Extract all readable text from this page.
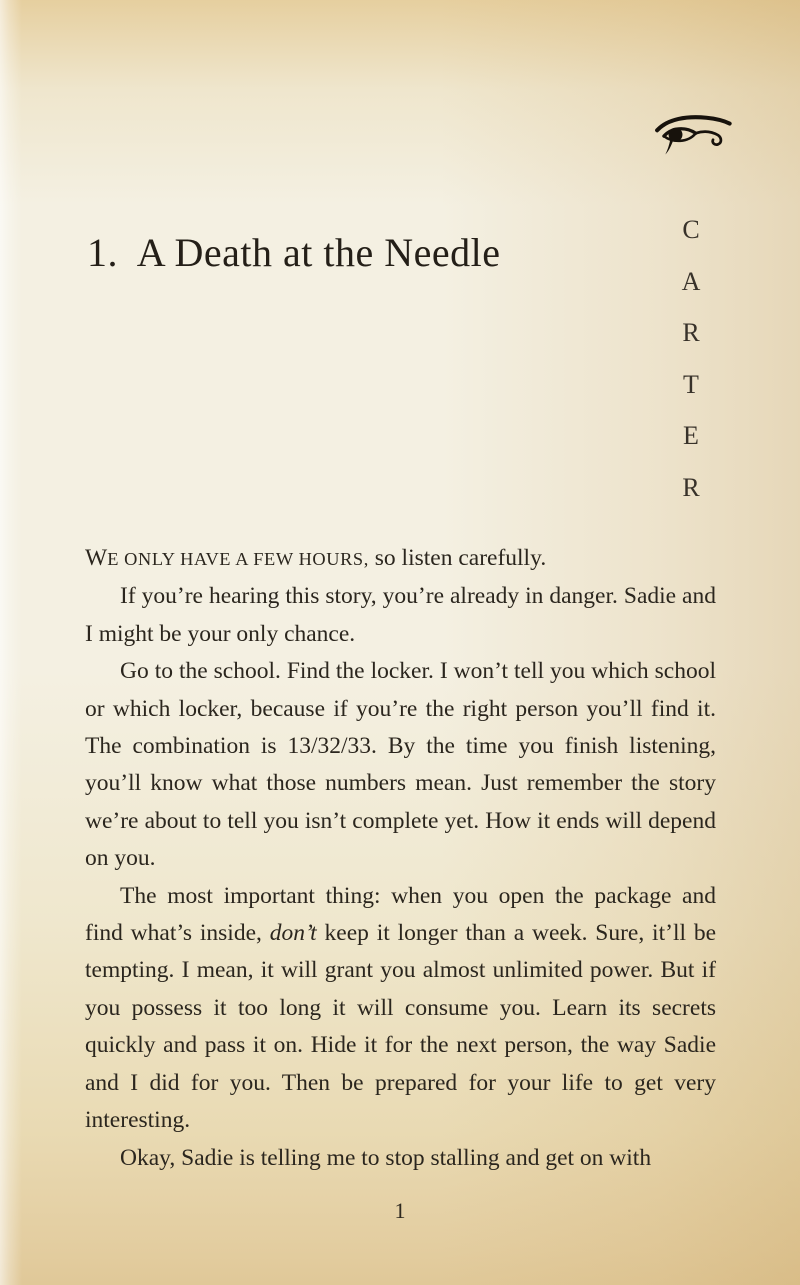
1.  A Death at the Needle
C
A
R
T
E
R

WE ONLY HAVE A FEW HOURS, so listen carefully.

If you’re hearing this story, you’re already in danger. Sadie and I might be your only chance.

Go to the school. Find the locker. I won’t tell you which school or which locker, because if you’re the right person you’ll find it. The combination is 13/32/33. By the time you finish listening, you’ll know what those numbers mean. Just remember the story we’re about to tell you isn’t complete yet. How it ends will depend on you.

The most important thing: when you open the package and find what’s inside, don’t keep it longer than a week. Sure, it’ll be tempting. I mean, it will grant you almost unlimited power. But if you possess it too long it will consume you. Learn its secrets quickly and pass it on. Hide it for the next person, the way Sadie and I did for you. Then be prepared for your life to get very interesting.

Okay, Sadie is telling me to stop stalling and get on with

1
